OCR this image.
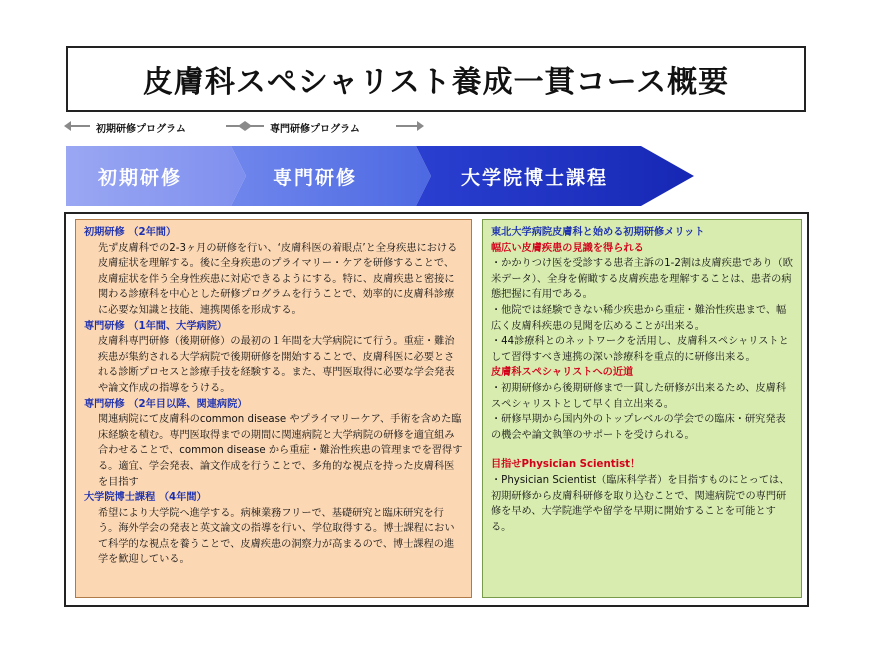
皮膚科スペシャリスト養成一貫コース概要
初期研修プログラム	専門研修プログラム
初期研修	専門研修	大学院博士課程
初期研修 （2年間）

先ず皮膚科での2-3ヶ月の研修を行い、‘皮膚科医の着眼点’と全身疾患における皮膚症状を理解する。後に全身疾患のプライマリー・ケアを研修することで、皮膚症状を伴う全身性疾患に対応できるようにする。特に、皮膚疾患と密接に関わる診療科を中心とした研修プログラムを行うことで、効率的に皮膚科診療に必要な知識と技能、連携関係を形成する。

専門研修 （1年間、大学病院）

皮膚科専門研修（後期研修）の最初の１年間を大学病院にて行う。重症・難治疾患が集約される大学病院で後期研修を開始することで、皮膚科医に必要とされる診断プロセスと診療手技を経験する。また、専門医取得に必要な学会発表や論文作成の指導をうける。

専門研修 （2年目以降、関連病院）

関連病院にて皮膚科のcommon disease やプライマリーケア、手術を含めた臨床経験を積む。専門医取得までの期間に関連病院と大学病院の研修を適宜組み合わせることで、common disease から重症・難治性疾患の管理までを習得する。適宜、学会発表、論文作成を行うことで、多角的な視点を持った皮膚科医を目指す

大学院博士課程 （4年間）

希望により大学院へ進学する。病棟業務フリーで、基礎研究と臨床研究を行う。海外学会の発表と英文論文の指導を行い、学位取得する。博士課程において科学的な視点を養うことで、皮膚疾患の洞察力が高まるので、博士課程の進学を歓迎している。

東北大学病院皮膚科と始める初期研修メリット
幅広い皮膚疾患の見識を得られる

・かかりつけ医を受診する患者主訴の1-2割は皮膚疾患であり（欧米データ）、全身を俯瞰する皮膚疾患を理解することは、患者の病態把握に有用である。

・他院では経験できない稀少疾患から重症・難治性疾患まで、幅広く皮膚科疾患の見聞を広めることが出来る。

・44診療科とのネットワークを活用し、皮膚科スペシャリストとして習得すべき連携の深い診療科を重点的に研修出来る。

皮膚科スペシャリストへの近道

・初期研修から後期研修まで一貫した研修が出来るため、皮膚科スペシャリストとして早く自立出来る。

・研修早期から国内外のトップレベルの学会での臨床・研究発表の機会や論文執筆のサポートを受けられる。

目指せPhysician Scientist！

・Physician Scientist（臨床科学者）を目指すものにとっては、初期研修から皮膚科研修を取り込むことで、関連病院での専門研修を早め、大学院進学や留学を早期に開始することを可能とする。
